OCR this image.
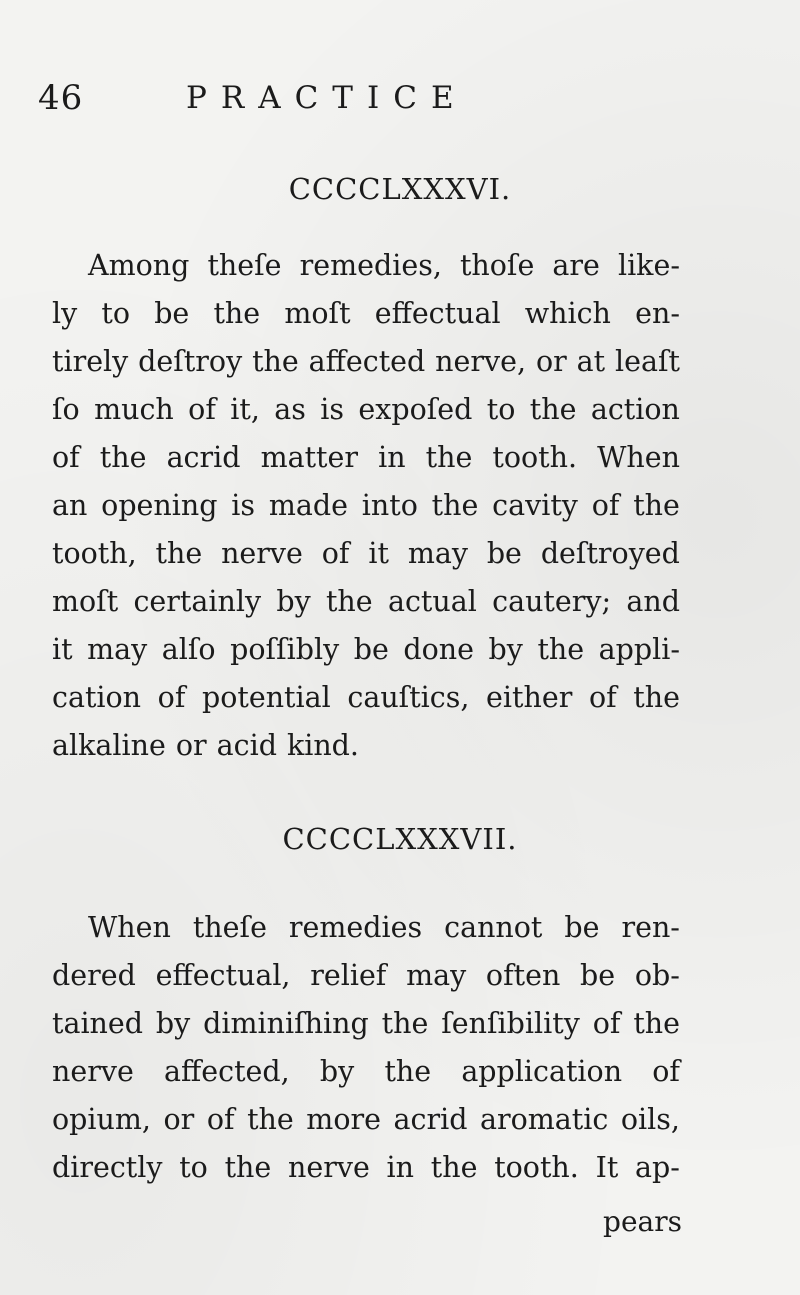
46	PRACTICE
CCCCLXXXVI.
Among theſe remedies, thoſe are like-
ly to be the moſt effectual which en-
tirely deſtroy the affected nerve, or at leaſt
ſo much of it, as is expoſed to the action
of the acrid matter in the tooth. When
an opening is made into the cavity of the
tooth, the nerve of it may be deſtroyed
moſt certainly by the actual cautery; and
it may alſo poſſibly be done by the appli-
cation of potential cauſtics, either of the
alkaline or acid kind.
CCCCLXXXVII.
When theſe remedies cannot be ren-
dered effectual, relief may often be ob-
tained by diminiſhing the ſenſibility of the
nerve affected, by the application of
opium, or of the more acrid aromatic oils,
directly to the nerve in the tooth. It ap-
pears
